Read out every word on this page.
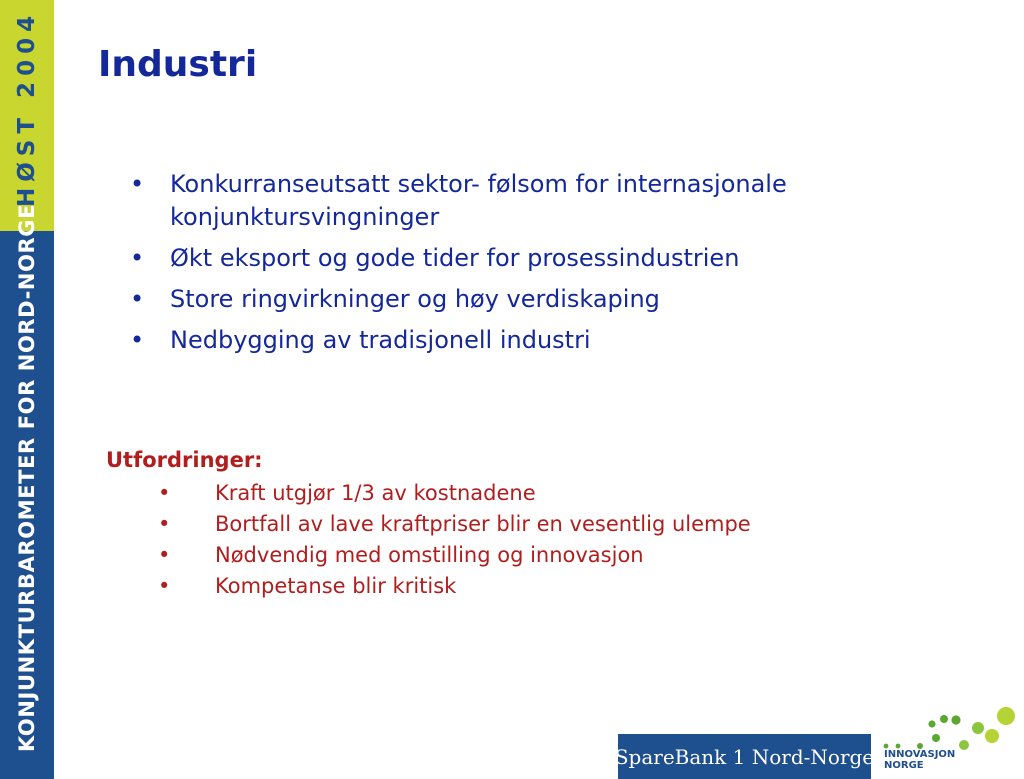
HØST 2004
KONJUNKTURBAROMETER FOR NORD-NORGE
Industri
• Konkurranseutsatt sektor- følsom for internasjonale konjunktursvingninger
• Økt eksport og gode tider for prosessindustrien
• Store ringvirkninger og høy verdiskaping
• Nedbygging av tradisjonell industri
Utfordringer:
• Kraft utgjør 1/3 av kostnadene
• Bortfall av lave kraftpriser blir en vesentlig ulempe
• Nødvendig med omstilling og innovasjon
• Kompetanse blir kritisk
SpareBank 1 Nord-Norge INNOVASJON
NORGE
